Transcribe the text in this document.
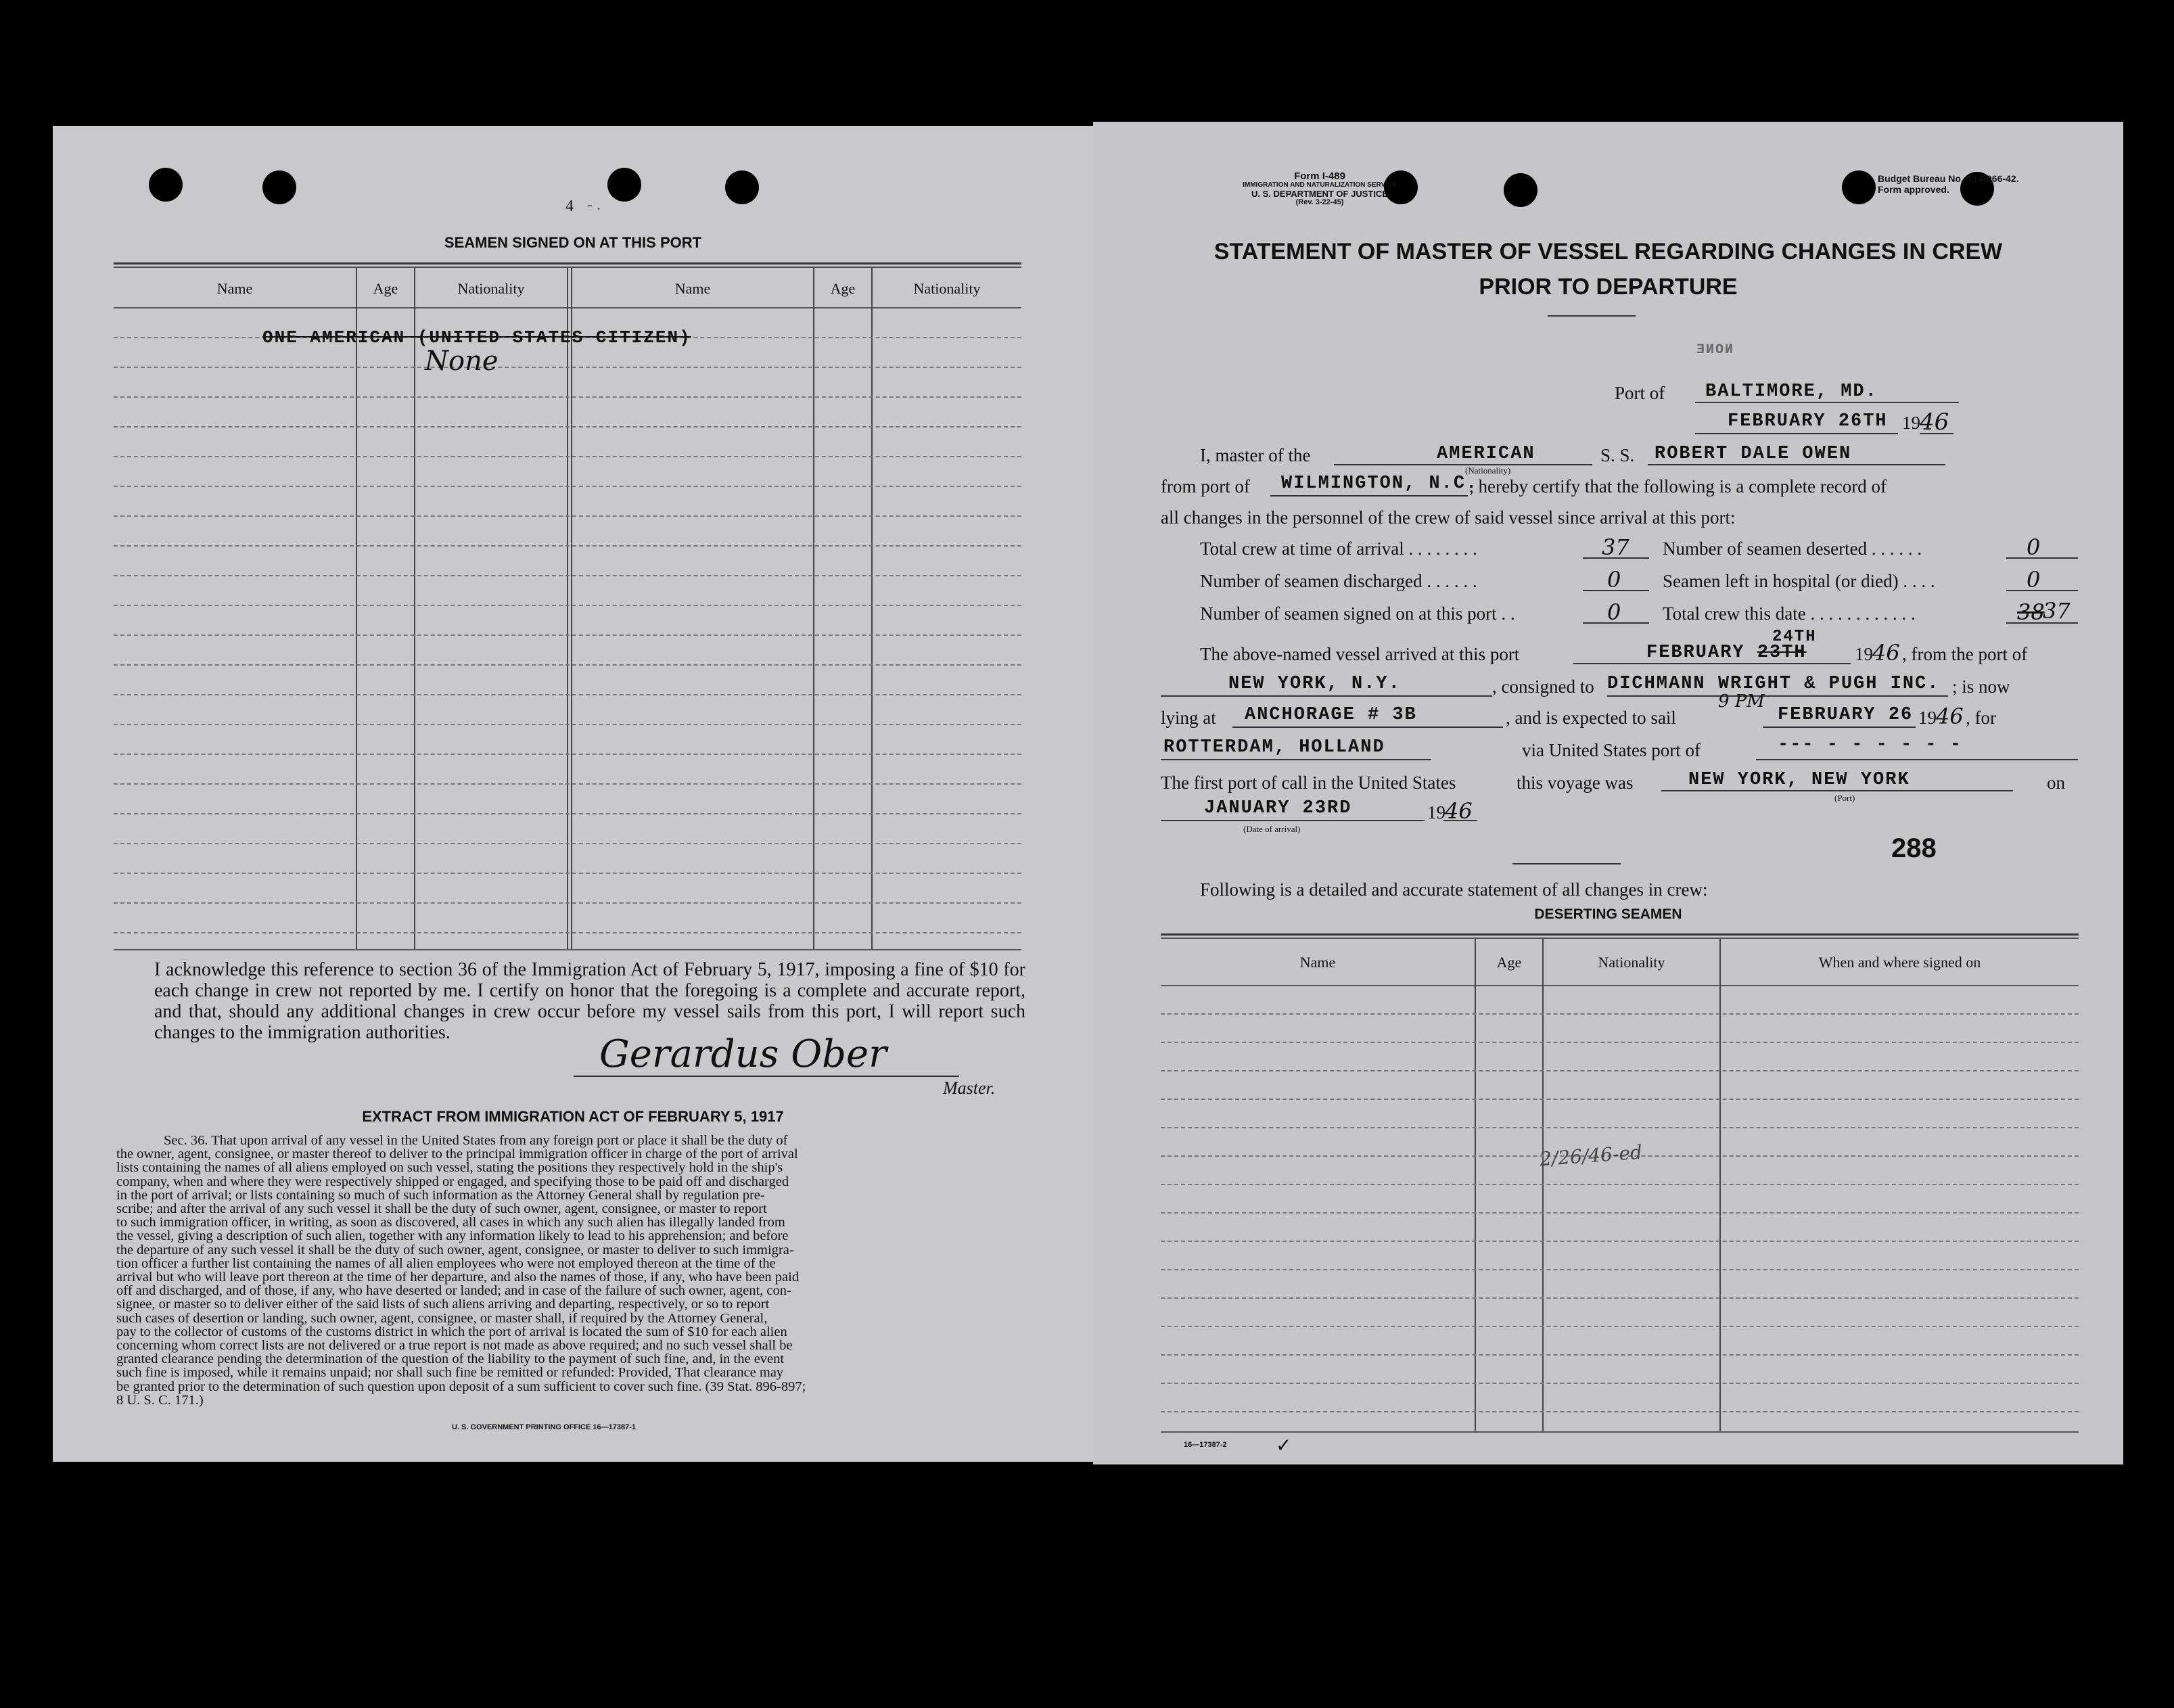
4 ‑ .
SEAMEN SIGNED ON AT THIS PORT
Name	Age	Nationality	Name	Age	Nationality
ONE AMERICAN (UNITED STATES CITIZEN)
None
I acknowledge this reference to section 36 of the Immigration Act of February 5, 1917, imposing a fine of $10 for each change in crew not reported by me. I certify on honor that the foregoing is a complete and accurate report, and that, should any additional changes in crew occur before my vessel sails from this port, I will report such changes to the immigration authorities.	Gerardus Ober
Master.
EXTRACT FROM IMMIGRATION ACT OF FEBRUARY 5, 1917
Sec. 36. That upon arrival of any vessel in the United States from any foreign port or place it shall be the duty of
the owner, agent, consignee, or master thereof to deliver to the principal immigration officer in charge of the port of arrival
lists containing the names of all aliens employed on such vessel, stating the positions they respectively hold in the ship's
company, when and where they were respectively shipped or engaged, and specifying those to be paid off and discharged
in the port of arrival; or lists containing so much of such information as the Attorney General shall by regulation pre-
scribe; and after the arrival of any such vessel it shall be the duty of such owner, agent, consignee, or master to report
to such immigration officer, in writing, as soon as discovered, all cases in which any such alien has illegally landed from
the vessel, giving a description of such alien, together with any information likely to lead to his apprehension; and before
the departure of any such vessel it shall be the duty of such owner, agent, consignee, or master to deliver to such immigra-
tion officer a further list containing the names of all alien employees who were not employed thereon at the time of the
arrival but who will leave port thereon at the time of her departure, and also the names of those, if any, who have been paid
off and discharged, and of those, if any, who have deserted or landed; and in case of the failure of such owner, agent, con-
signee, or master so to deliver either of the said lists of such aliens arriving and departing, respectively, or so to report
such cases of desertion or landing, such owner, agent, consignee, or master shall, if required by the Attorney General,
pay to the collector of customs of the customs district in which the port of arrival is located the sum of $10 for each alien
concerning whom correct lists are not delivered or a true report is not made as above required; and no such vessel shall be
granted clearance pending the determination of the question of the liability to the payment of such fine, and, in the event
such fine is imposed, while it remains unpaid; nor shall such fine be remitted or refunded: Provided, That clearance may
be granted prior to the determination of such question upon deposit of a sum sufficient to cover such fine. (39 Stat. 896-897;
8 U. S. C. 171.)
U. S. GOVERNMENT PRINTING OFFICE 16—17387-1
Form I-489
IMMIGRATION AND NATURALIZATION SERVICE
U. S. DEPARTMENT OF JUSTICE
(Rev. 3-22-45)
Budget Bureau No. 43-R066-42.
Form approved.
STATEMENT OF MASTER OF VESSEL REGARDING CHANGES IN CREW
PRIOR TO DEPARTURE
NONE
Port of BALTIMORE, MD.
FEBRUARY 26TH 19 46
I, master of the	AMERICAN
(Nationality)
S. S. ROBERT DALE OWEN
from port of WILMINGTON, N.C.
, hereby certify that the following is a complete record of
all changes in the personnel of the crew of said vessel since arrival at this port:
Total crew at time of arrival . . . . . . . .	37 Number of seamen deserted . . . . . .	0
Number of seamen discharged . . . . . .	0 Seamen left in hospital (or died) . . . .	0
Number of seamen signed on at this port . .	0 Total crew this date . . . . . . . . . . . .	38
37
The above-named vessel arrived at this port
24TH
FEBRUARY 23TH	19 46 , from the port of
NEW YORK, N.Y.	, consigned to DICHMANN WRIGHT & PUGH INC. ; is now
lying at ANCHORAGE # 3B	, and is expected to sail
9 PM
FEBRUARY 26 19 46 , for
ROTTERDAM, HOLLAND	via United States port of	--- - - - - - -
The first port of call in the United States	this voyage was	NEW YORK, NEW YORK
(Port)
on
JANUARY 23RD	19 46
(Date of arrival)
288
Following is a detailed and accurate statement of all changes in crew:
DESERTING SEAMEN
Name	Age	Nationality	When and where signed on
2/26/46-ed
16—17387-2	✓
